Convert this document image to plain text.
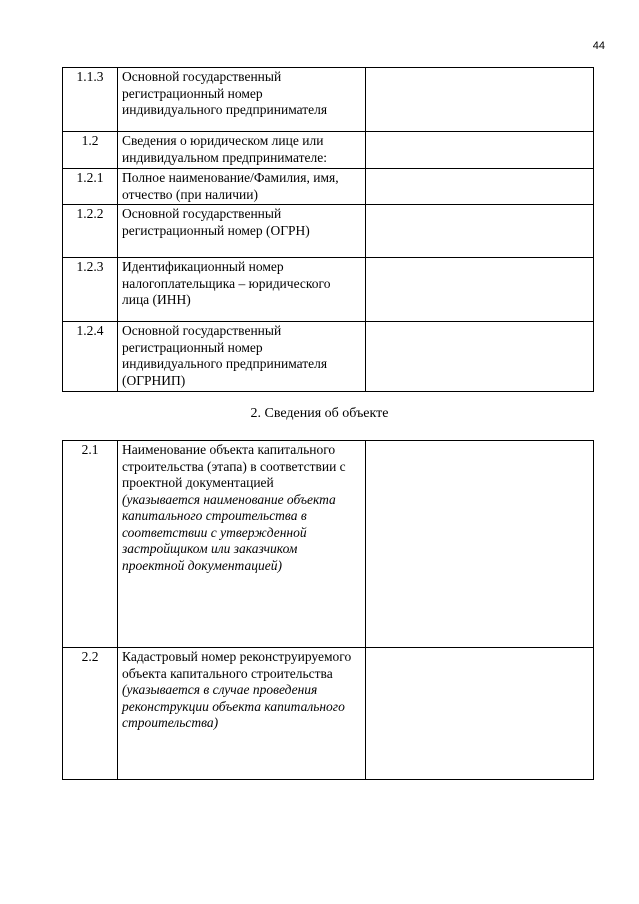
44
1.1.3	Основной государственный регистрационный номер индивидуального предпринимателя	
1.2	Сведения о юридическом лице или индивидуальном предпринимателе:	
1.2.1	Полное наименование/Фамилия, имя, отчество (при наличии)	
1.2.2	Основной государственный регистрационный номер (ОГРН)	
1.2.3	Идентификационный номер налогоплательщика – юридического лица (ИНН)	
1.2.4	Основной государственный регистрационный номер индивидуального предпринимателя (ОГРНИП)	
2. Сведения об объекте
2.1	Наименование объекта капитального строительства (этапа) в соответствии с проектной документацией
(указывается наименование объекта капитального строительства в соответствии с утвержденной застройщиком или заказчиком проектной документацией)	

2.2	Кадастровый номер реконструируемого объекта капитального строительства
(указывается в случае проведения реконструкции объекта капитального строительства)	
